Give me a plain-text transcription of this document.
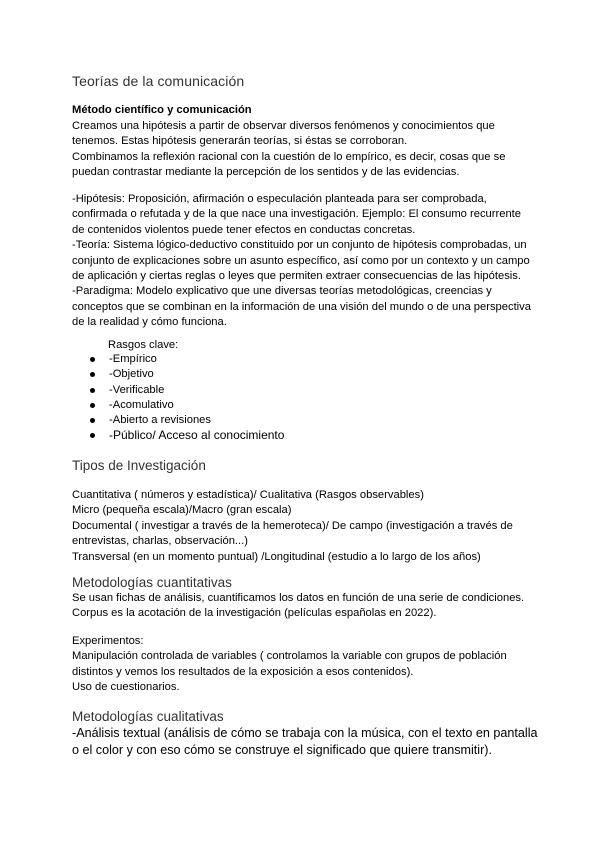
Teorías de la comunicación
Método científico y comunicación
Creamos una hipótesis a partir de observar diversos fenómenos y conocimientos que
tenemos. Estas hipótesis generarán teorías, si éstas se corroboran.
Combinamos la reflexión racional con la cuestión de lo empírico, es decir, cosas que se
puedan contrastar mediante la percepción de los sentidos y de las evidencias.
-Hipótesis: Proposición, afirmación o especulación planteada para ser comprobada,
confirmada o refutada y de la que nace una investigación. Ejemplo: El consumo recurrente
de contenidos violentos puede tener efectos en conductas concretas.
-Teoría: Sistema lógico-deductivo constituido por un conjunto de hipótesis comprobadas, un
conjunto de explicaciones sobre un asunto específico, así como por un contexto y un campo
de aplicación y ciertas reglas o leyes que permiten extraer consecuencias de las hipótesis.
-Paradigma: Modelo explicativo que une diversas teorías metodológicas, creencias y
conceptos que se combinan en la información de una visión del mundo o de una perspectiva
de la realidad y cómo funciona.
Rasgos clave:
-Empírico
-Objetivo
-Verificable
-Acomulativo
-Abierto a revisiones
-Público/ Acceso al conocimiento
Tipos de Investigación
Cuantitativa ( números y estadística)/ Cualitativa (Rasgos observables)
Micro (pequeña escala)/Macro (gran escala)
Documental ( investigar a través de la hemeroteca)/ De campo (investigación a través de
entrevistas, charlas, observación...)
Transversal (en un momento puntual) /Longitudinal (estudio a lo largo de los años)
Metodologías cuantitativas
Se usan fichas de análisis, cuantificamos los datos en función de una serie de condiciones.
Corpus es la acotación de la investigación (películas españolas en 2022).
Experimentos:
Manipulación controlada de variables ( controlamos la variable con grupos de población
distintos y vemos los resultados de la exposición a esos contenidos).
Uso de cuestionarios.
Metodologías cualitativas
-Análisis textual (análisis de cómo se trabaja con la música, con el texto en pantalla
o el color y con eso cómo se construye el significado que quiere transmitir).
